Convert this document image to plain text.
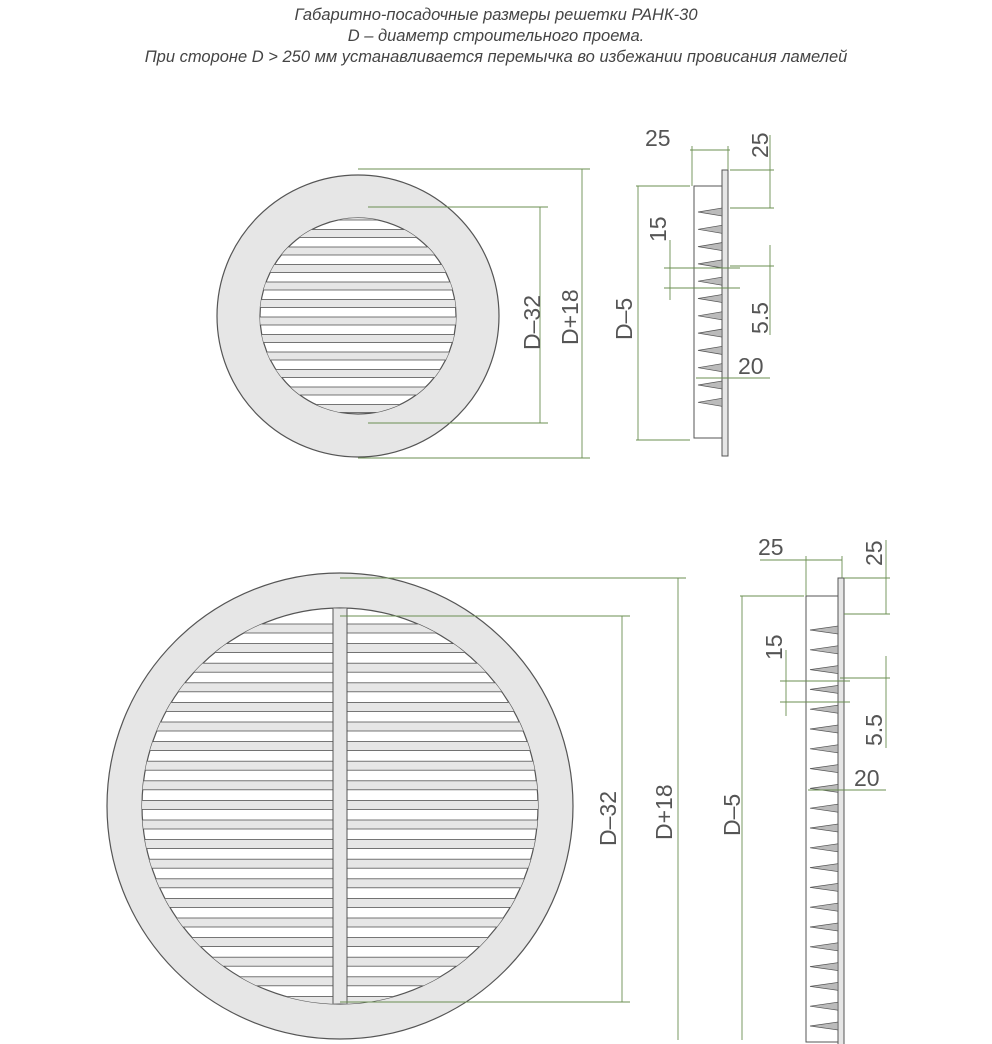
Габаритно-посадочные размеры решетки РАНК-30
D – диаметр строительного проема.
При стороне D > 250 мм устанавливается перемычка во избежании провисания ламелей
D–32 D+18 D–5
25	25
15
5.5
20
D–32 D+18 D–5
25	25
15
5.5
20
